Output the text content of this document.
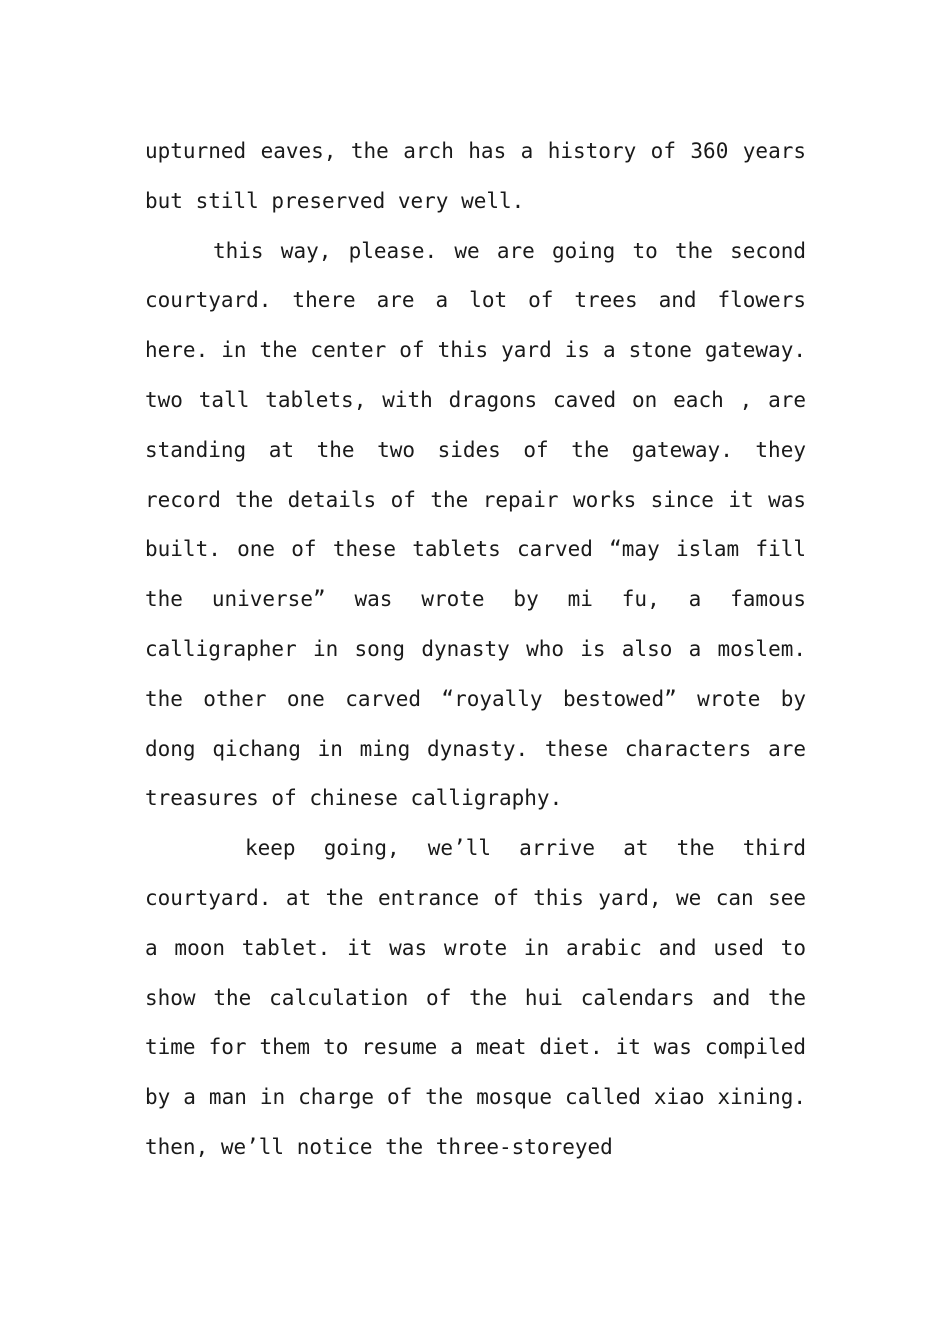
upturned eaves, the arch has a history of 360 years but still preserved very well.

this way, please. we are going to the second courtyard. there are a lot of trees and flowers here. in the center of this yard is a stone gateway. two tall tablets, with dragons caved on each , are standing at the two sides of the gateway. they record the details of the repair works since it was built. one of these tablets carved “may islam fill the universe” was wrote by mi fu, a famous calligrapher in song dynasty who is also a moslem. the other one carved “royally bestowed” wrote by dong qichang in ming dynasty. these characters are treasures of chinese calligraphy.

keep going, we’ll arrive at the third courtyard. at the entrance of this yard, we can see a moon tablet. it was wrote in arabic and used to show the calculation of the hui calendars and the time for them to resume a meat diet. it was compiled by a man in charge of the mosque called xiao xining. then, we’ll notice the three-storeyed
